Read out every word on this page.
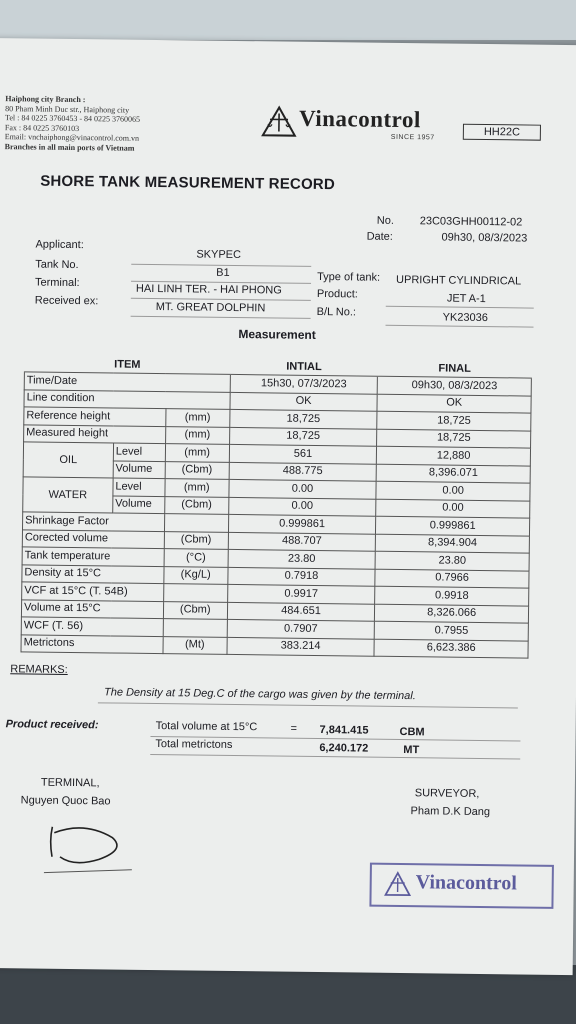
Haiphong city Branch :
80 Pham Minh Duc str., Haiphong city
Tel : 84 0225 3760453 - 84 0225 3760065
Fax : 84 0225 3760103
Email: vnchaiphong@vinacontrol.com.vn
Branches in all main ports of Vietnam
Vinacontrol
SINCE 1957	HH22C
SHORE TANK MEASUREMENT RECORD
No. 23C03GHH00112-02
Date:	09h30, 08/3/2023
Applicant:
SKYPEC
Tank No.
B1
Terminal:	HAI LINH TER. - HAI PHONG
Received ex:
MT. GREAT DOLPHIN
Type of tank: UPRIGHT CYLINDRICAL
Product:	JET A-1
B/L No.:	YK23036
Measurement
ITEM			INTIAL	FINAL
Time/Date			15h30, 07/3/2023	09h30, 08/3/2023
Line condition			OK	OK
Reference height		(mm)	18,725	18,725
Measured height		(mm)	18,725	18,725
OIL	Level	(mm)	561	12,880
	Volume	(Cbm)	488.775	8,396.071
WATER	Level	(mm)	0.00	0.00
	Volume	(Cbm)	0.00	0.00
Shrinkage Factor			0.999861	0.999861
Corected volume		(Cbm)	488.707	8,394.904
Tank temperature		(°C)	23.80	23.80
Density at 15°C		(Kg/L)	0.7918	0.7966
VCF at 15°C (T. 54B)			0.9917	0.9918
Volume at 15°C		(Cbm)	484.651	8,326.066
WCF (T. 56)			0.7907	0.7955
Metrictons		(Mt)	383.214	6,623.386
REMARKS:
The Density at 15 Deg.C of the cargo was given by the terminal.
Product received:	Total volume at 15°C	= 7,841.415	CBM
Total metrictons	6,240.172	MT
TERMINAL,
Nguyen Quoc Bao
SURVEYOR,
Pham D.K Dang
Vinacontrol
